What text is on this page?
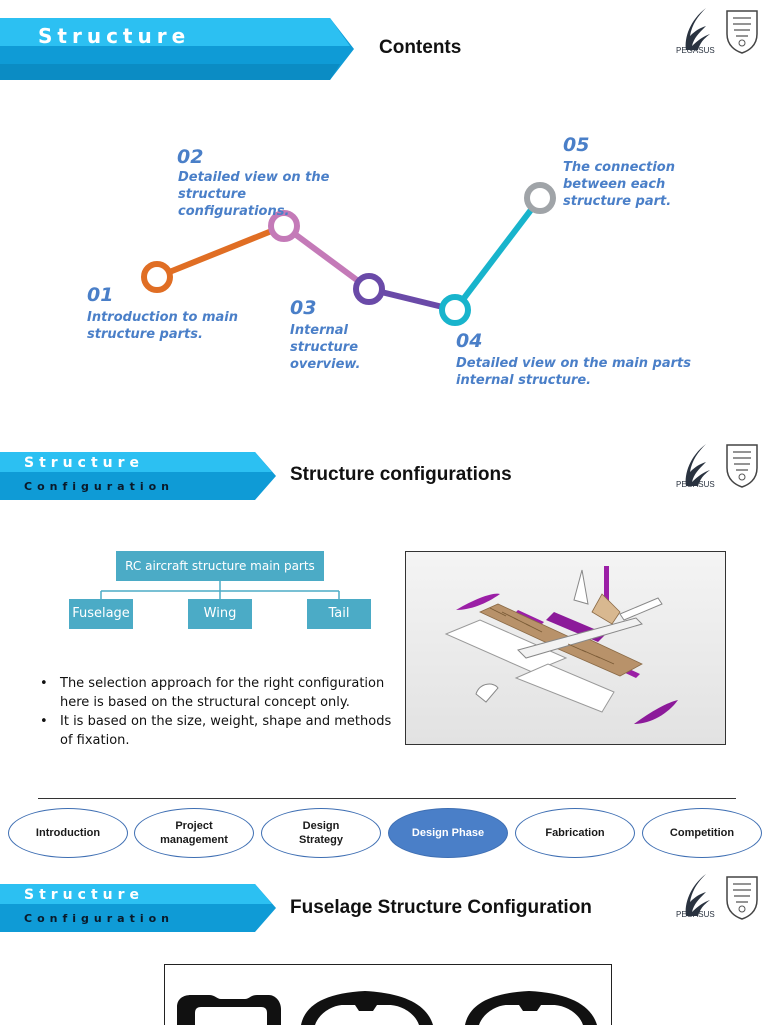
Structure	Contents	PEGASUS
01
Introduction to main structure parts.
02
Detailed view on the structure configurations.
03
Internal structure overview.
04
Detailed view on the main parts internal structure.
05
The connection between each structure part.
Structure
Configuration
Structure configurations	PEGASUS
RC aircraft structure main parts
Fuselage	Wing	Tail
• The selection approach for the right configuration here is based on the structural concept only.
• It is based on the size, weight, shape and methods of fixation.
Introduction
Project management
Design Strategy
Design Phase	Fabrication	Competition
Structure
Configuration
Fuselage Structure Configuration	PEGASUS
